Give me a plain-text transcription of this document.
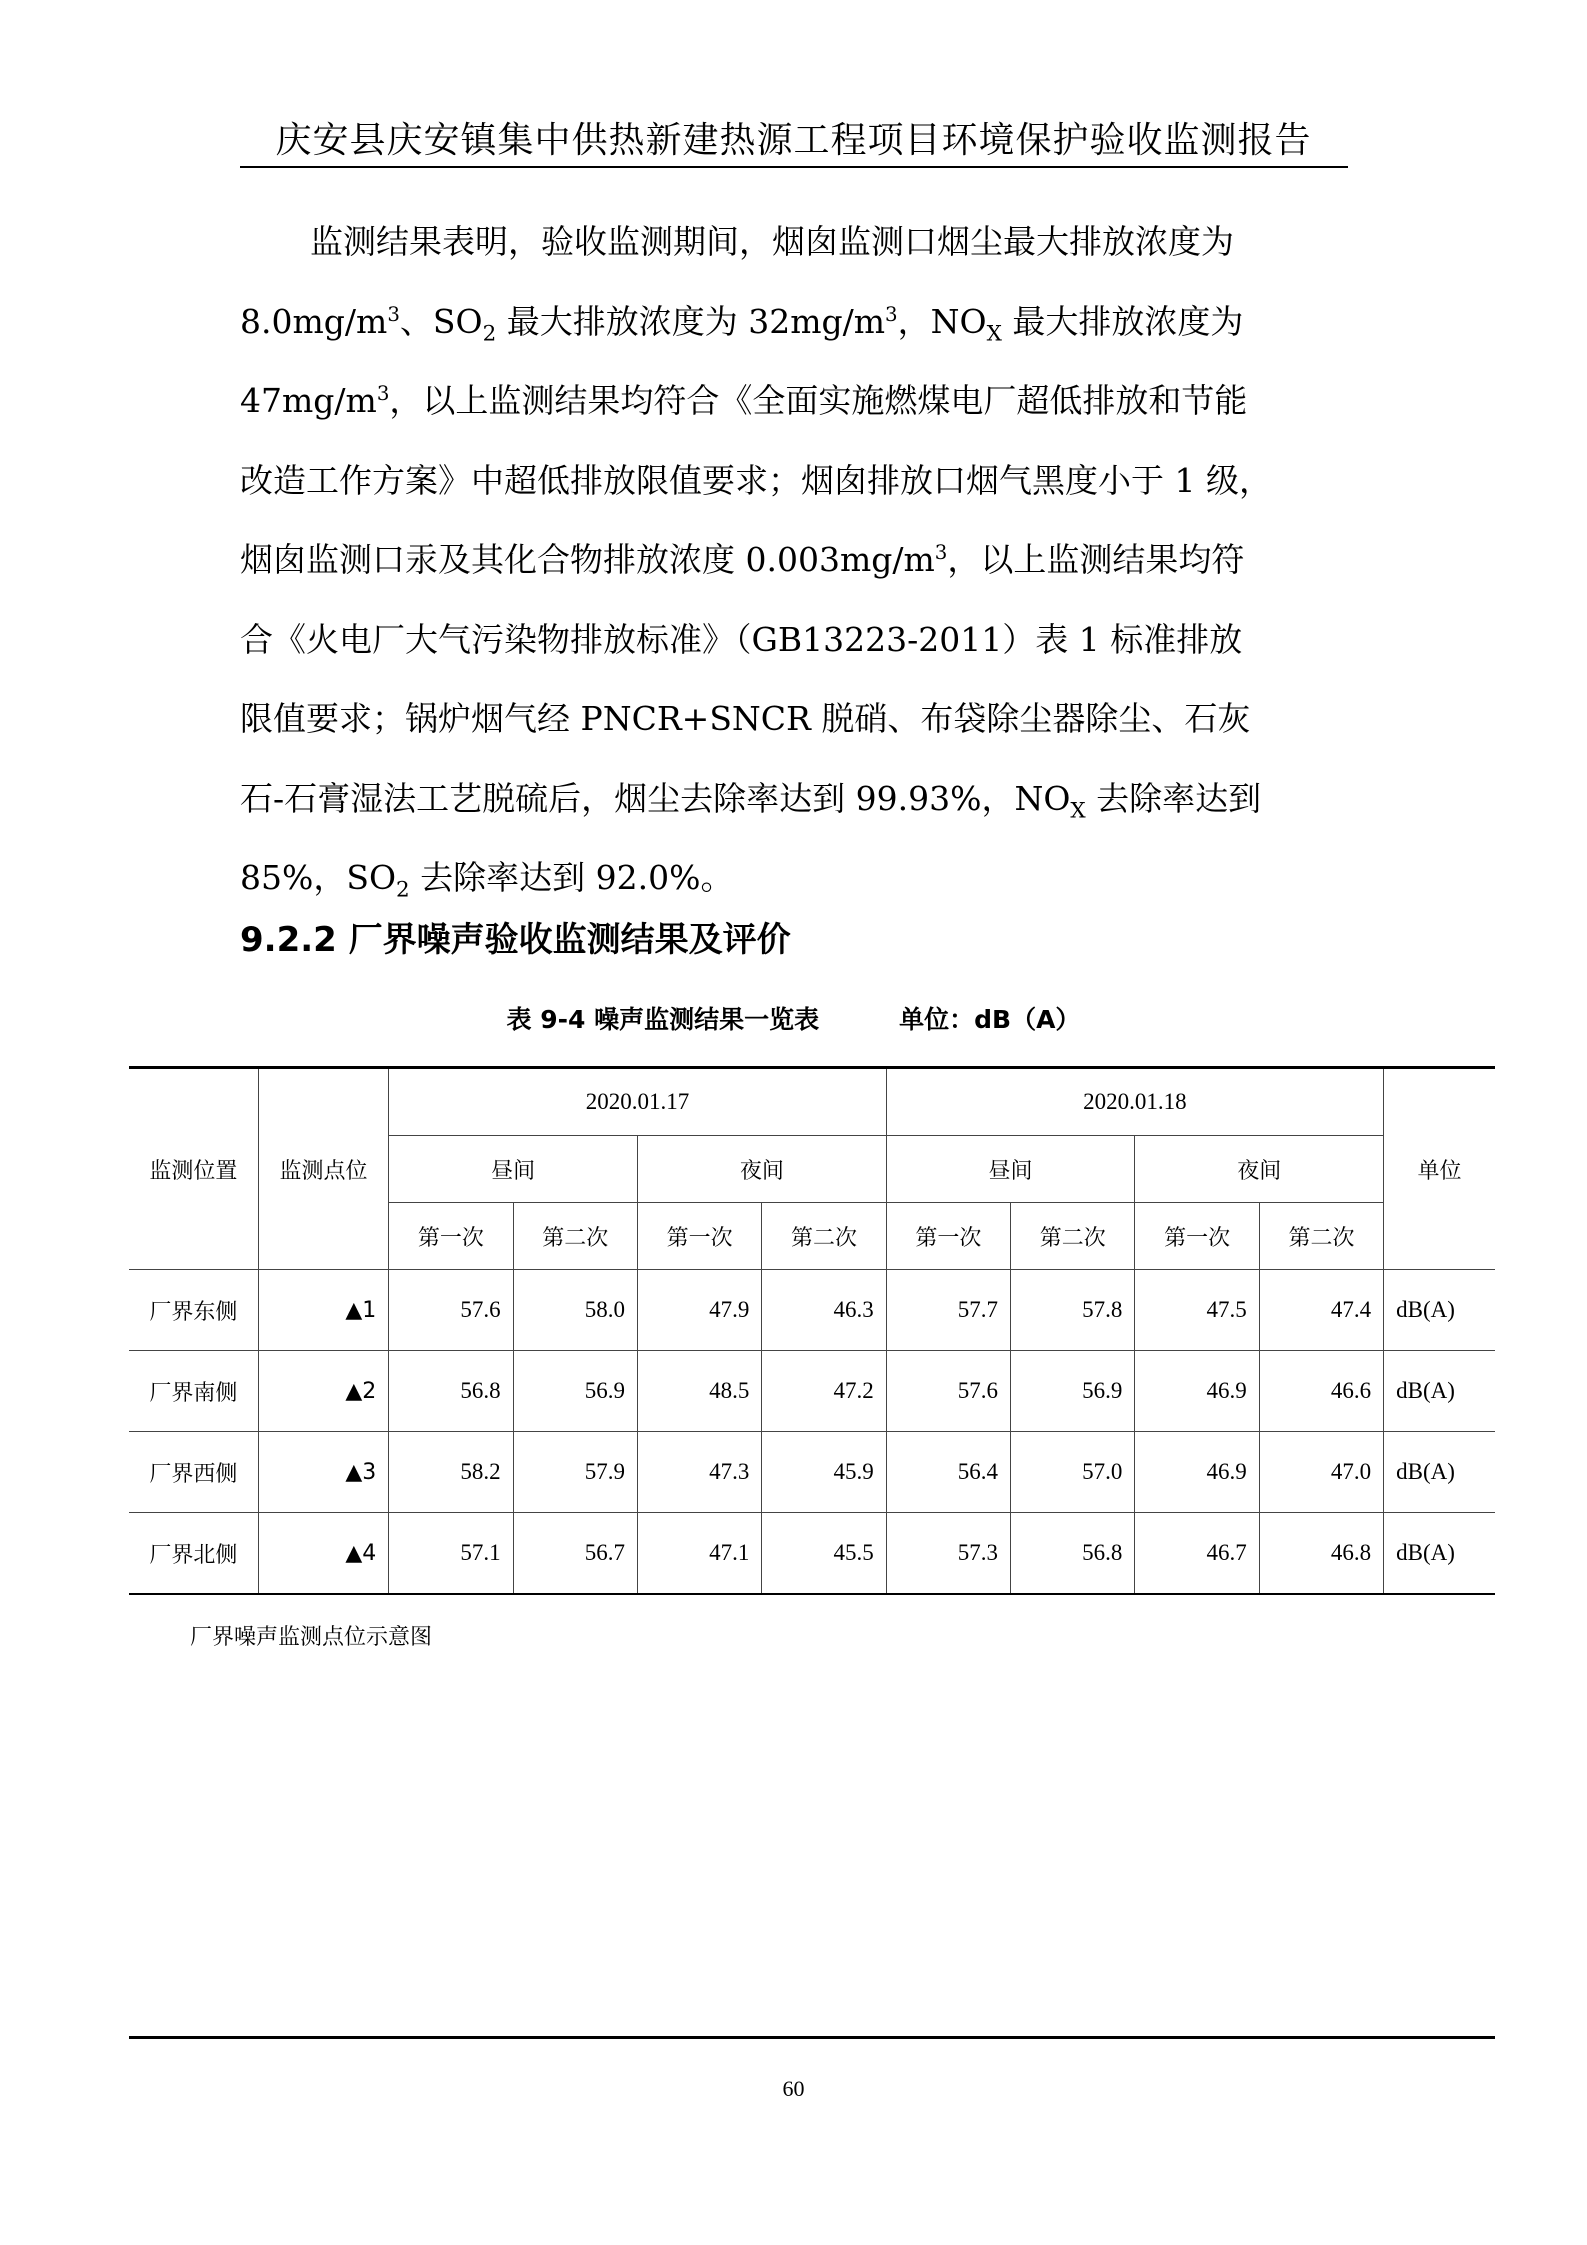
庆安县庆安镇集中供热新建热源工程项目环境保护验收监测报告
监测结果表明，验收监测期间，烟囱监测口烟尘最大排放浓度为
$8.0mg/m^3$、$SO_2$ 最大排放浓度为 $32mg/m^3$，$NO_X$ 最大排放浓度为
$47mg/m^3$，以上监测结果均符合《全面实施燃煤电厂超低排放和节能
改造工作方案》中超低排放限值要求；烟囱排放口烟气黑度小于 1 级，
烟囱监测口汞及其化合物排放浓度 $0.003mg/m^3$，以上监测结果均符
合《火电厂大气污染物排放标准》（GB13223-2011）表 1 标准排放
限值要求；锅炉烟气经 PNCR+SNCR 脱硝、布袋除尘器除尘、石灰
石-石膏湿法工艺脱硫后，烟尘去除率达到 99.93%，$NO_X$ 去除率达到
85%，$SO_2$ 去除率达到 92.0%。
9.2.2 厂界噪声验收监测结果及评价
表 9-4 噪声监测结果一览表	单位：dB（A）
监测位置	监测点位	2020.01.17				2020.01.18				单位
		昼间		夜间		昼间		夜间		
		第一次	第二次	第一次	第二次	第一次	第二次	第一次	第二次	
厂界东侧	▲1	57.6	58.0	47.9	46.3	57.7	57.8	47.5	47.4	dB(A)
厂界南侧	▲2	56.8	56.9	48.5	47.2	57.6	56.9	46.9	46.6	dB(A)
厂界西侧	▲3	58.2	57.9	47.3	45.9	56.4	57.0	46.9	47.0	dB(A)
厂界北侧	▲4	57.1	56.7	47.1	45.5	57.3	56.8	46.7	46.8	dB(A)
厂界噪声监测点位示意图
60
